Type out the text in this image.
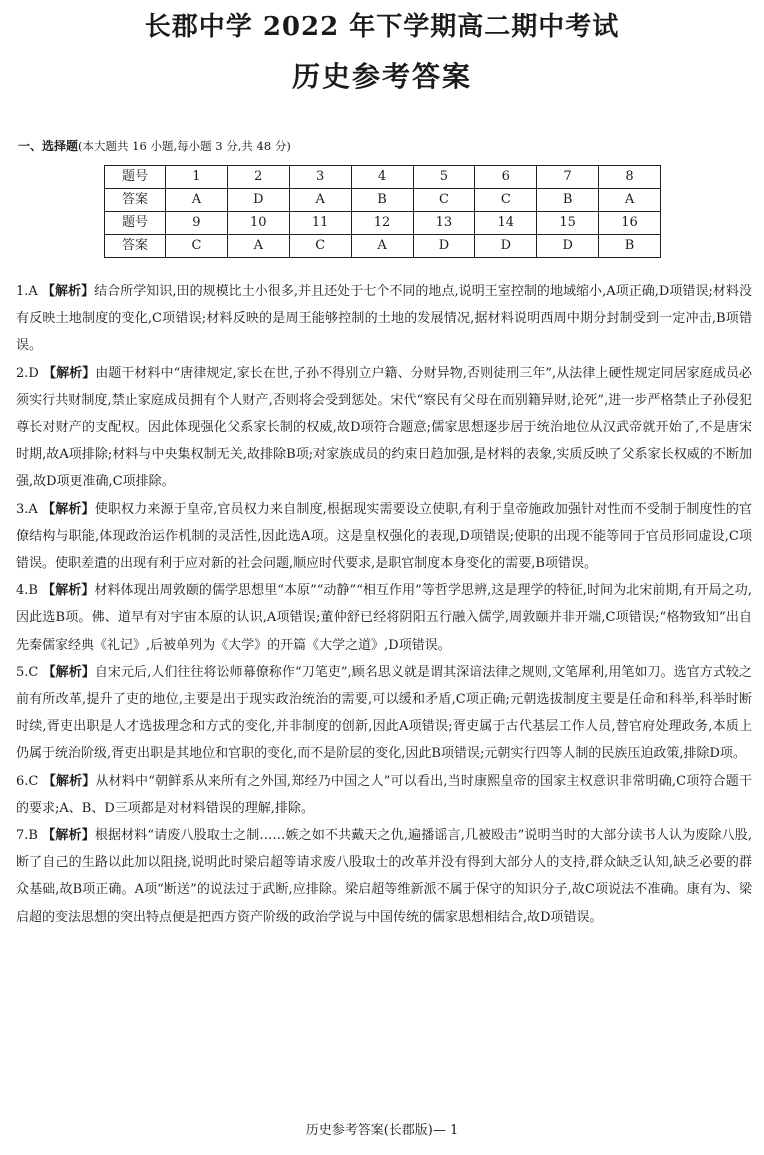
长郡中学 2022 年下学期高二期中考试
历史参考答案
一、选择题(本大题共 16 小题,每小题 3 分,共 48 分)
题号	1	2	3	4	5	6	7	8
答案	A	D	A	B	C	C	B	A
题号	9	10	11	12	13	14	15	16
答案	C	A	C	A	D	D	D	B
1.A 【解析】结合所学知识,田的规模比土小很多,并且还处于七个不同的地点,说明王室控制的地域缩小,A项正确,D项错误;材料没有反映土地制度的变化,C项错误;材料反映的是周王能够控制的土地的发展情况,据材料说明西周中期分封制受到一定冲击,B项错误。
2.D 【解析】由题干材料中“唐律规定,家长在世,子孙不得别立户籍、分财异物,否则徒刑三年”,从法律上硬性规定同居家庭成员必须实行共财制度,禁止家庭成员拥有个人财产,否则将会受到惩处。宋代“察民有父母在而别籍异财,论死”,进一步严格禁止子孙侵犯尊长对财产的支配权。因此体现强化父系家长制的权威,故D项符合题意;儒家思想逐步居于统治地位从汉武帝就开始了,不是唐宋时期,故A项排除;材料与中央集权制无关,故排除B项;对家族成员的约束日趋加强,是材料的表象,实质反映了父系家长权威的不断加强,故D项更准确,C项排除。
3.A 【解析】使职权力来源于皇帝,官员权力来自制度,根据现实需要设立使职,有利于皇帝施政加强针对性而不受制于制度性的官僚结构与职能,体现政治运作机制的灵活性,因此选A项。这是皇权强化的表现,D项错误;使职的出现不能等同于官员形同虚设,C项错误。使职差遣的出现有利于应对新的社会问题,顺应时代要求,是职官制度本身变化的需要,B项错误。
4.B 【解析】材料体现出周敦颐的儒学思想里“本原”“动静”“相互作用”等哲学思辨,这是理学的特征,时间为北宋前期,有开局之功,因此选B项。佛、道早有对宇宙本原的认识,A项错误;董仲舒已经将阴阳五行融入儒学,周敦颐并非开端,C项错误;“格物致知”出自先秦儒家经典《礼记》,后被单列为《大学》的开篇《大学之道》,D项错误。
5.C 【解析】自宋元后,人们往往将讼师幕僚称作“刀笔吏”,顾名思义就是谓其深谙法律之规则,文笔犀利,用笔如刀。选官方式较之前有所改革,提升了吏的地位,主要是出于现实政治统治的需要,可以缓和矛盾,C项正确;元朝选拔制度主要是任命和科举,科举时断时续,胥吏出职是人才选拔理念和方式的变化,并非制度的创新,因此A项错误;胥吏属于古代基层工作人员,替官府处理政务,本质上仍属于统治阶级,胥吏出职是其地位和官职的变化,而不是阶层的变化,因此B项错误;元朝实行四等人制的民族压迫政策,排除D项。
6.C 【解析】从材料中“朝鲜系从来所有之外国,郑经乃中国之人”可以看出,当时康熙皇帝的国家主权意识非常明确,C项符合题干的要求;A、B、D三项都是对材料错误的理解,排除。
7.B 【解析】根据材料“请废八股取士之制……嫉之如不共戴天之仇,遍播谣言,几被殴击”说明当时的大部分读书人认为废除八股,断了自己的生路以此加以阻挠,说明此时梁启超等请求废八股取士的改革并没有得到大部分人的支持,群众缺乏认知,缺乏必要的群众基础,故B项正确。A项“断送”的说法过于武断,应排除。梁启超等维新派不属于保守的知识分子,故C项说法不准确。康有为、梁启超的变法思想的突出特点便是把西方资产阶级的政治学说与中国传统的儒家思想相结合,故D项错误。
历史参考答案(长郡版)— 1
